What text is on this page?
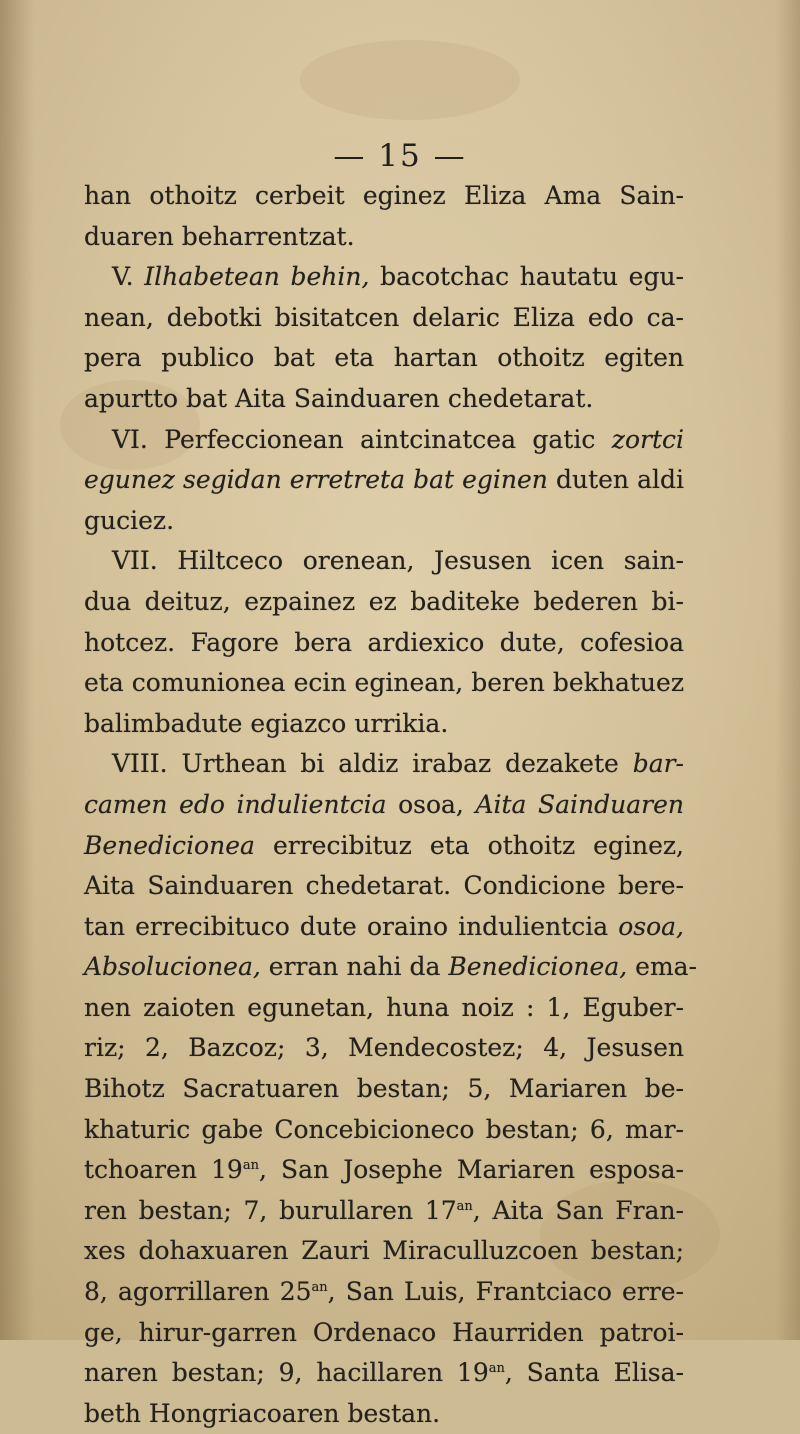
— 15 —
han othoitz cerbeit eginez Eliza Ama Sain-
duaren beharrentzat.
V. Ilhabetean behin, bacotchac hautatu egu-
nean, debotki bisitatcen delaric Eliza edo ca-
pera publico bat eta hartan othoitz egiten
apurtto bat Aita Sainduaren chedetarat.
VI. Perfeccionean aintcinatcea gatic zortci
egunez segidan erretreta bat eginen duten aldi
guciez.
VII. Hiltceco orenean, Jesusen icen sain-
dua deituz, ezpainez ez baditeke bederen bi-
hotcez. Fagore bera ardiexico dute, cofesioa
eta comunionea ecin eginean, beren bekhatuez
balimbadute egiazco urrikia.
VIII. Urthean bi aldiz irabaz dezakete bar-
camen edo indulientcia osoa, Aita Sainduaren
Benedicionea errecibituz eta othoitz eginez,
Aita Sainduaren chedetarat. Condicione bere-
tan errecibituco dute oraino indulientcia osoa,
Absolucionea, erran nahi da Benedicionea, ema-
nen zaioten egunetan, huna noiz : 1, Eguber-
riz; 2, Bazcoz; 3, Mendecostez; 4, Jesusen
Bihotz Sacratuaren bestan; 5, Mariaren be-
khaturic gabe Concebicioneco bestan; 6, mar-
tchoaren $19^{an}$, San Josephe Mariaren esposa-
ren bestan; 7, burullaren $17^{an}$, Aita San Fran-
xes dohaxuaren Zauri Miraculluzcoen bestan;
8, agorrillaren $25^{an}$, San Luis, Frantciaco erre-
ge, hirur-garren Ordenaco Haurriden patroi-
naren bestan; 9, hacillaren $19^{an}$, Santa Elisa-
beth Hongriacoaren bestan.
